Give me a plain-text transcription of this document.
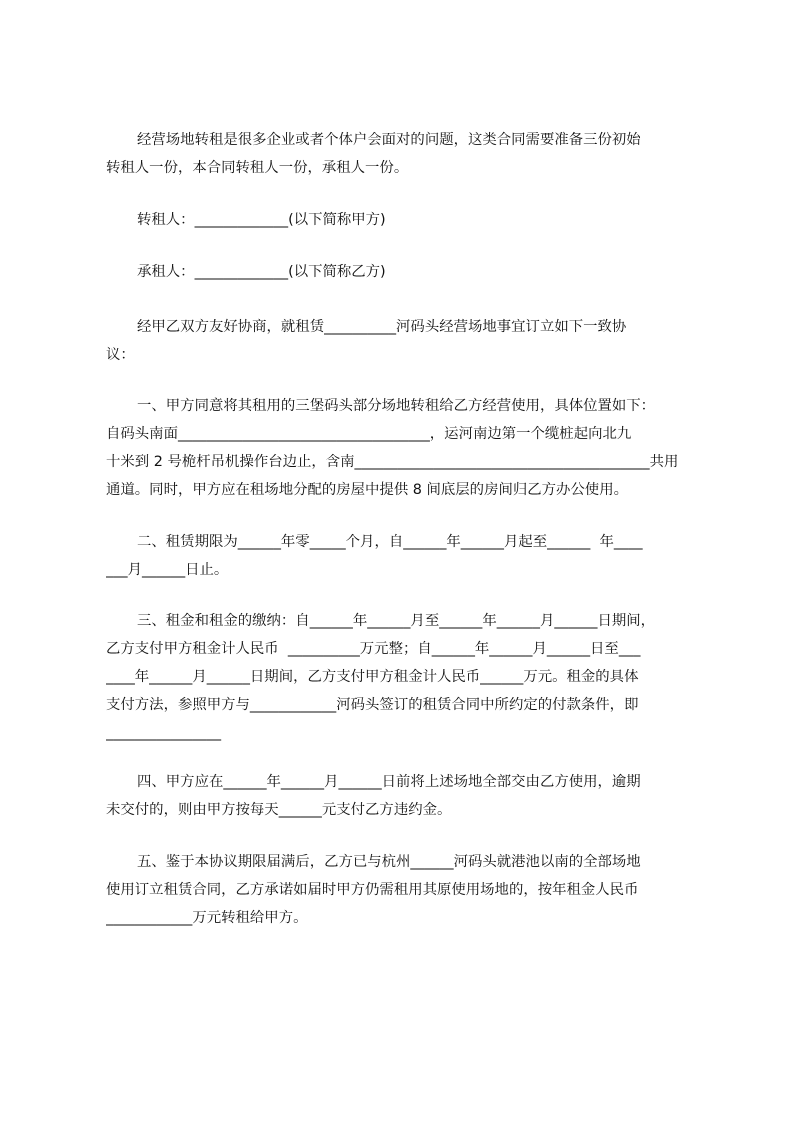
经营场地转租是很多企业或者个体户会面对的问题，这类合同需要准备三份初始

转租人一份，本合同转租人一份，承租人一份。

转租人：_____________(以下简称甲方)

承租人：_____________(以下简称乙方)

经甲乙双方友好协商，就租赁__________河码头经营场地事宜订立如下一致协

议：

一、甲方同意将其租用的三堡码头部分场地转租给乙方经营使用，具体位置如下：

自码头南面___________________________________，运河南边第一个缆桩起向北九

十米到 2 号桅杆吊机操作台边止，含南_________________________________________共用

通道。同时，甲方应在租场地分配的房屋中提供 8 间底层的房间归乙方办公使用。

二、租赁期限为______年零_____个月，自______年______月起至______  年____

___月______日止。

三、租金和租金的缴纳：自______年______月至______年______月______日期间，

乙方支付甲方租金计人民币  __________万元整；自______年______月______日至___

____年______月______日期间，乙方支付甲方租金计人民币______万元。租金的具体

支付方法，参照甲方与____________河码头签订的租赁合同中所约定的付款条件，即

________________

四、甲方应在______年______月______日前将上述场地全部交由乙方使用，逾期

未交付的，则由甲方按每天______元支付乙方违约金。

五、鉴于本协议期限届满后，乙方已与杭州______河码头就港池以南的全部场地

使用订立租赁合同，乙方承诺如届时甲方仍需租用其原使用场地的，按年租金人民币

____________万元转租给甲方。
